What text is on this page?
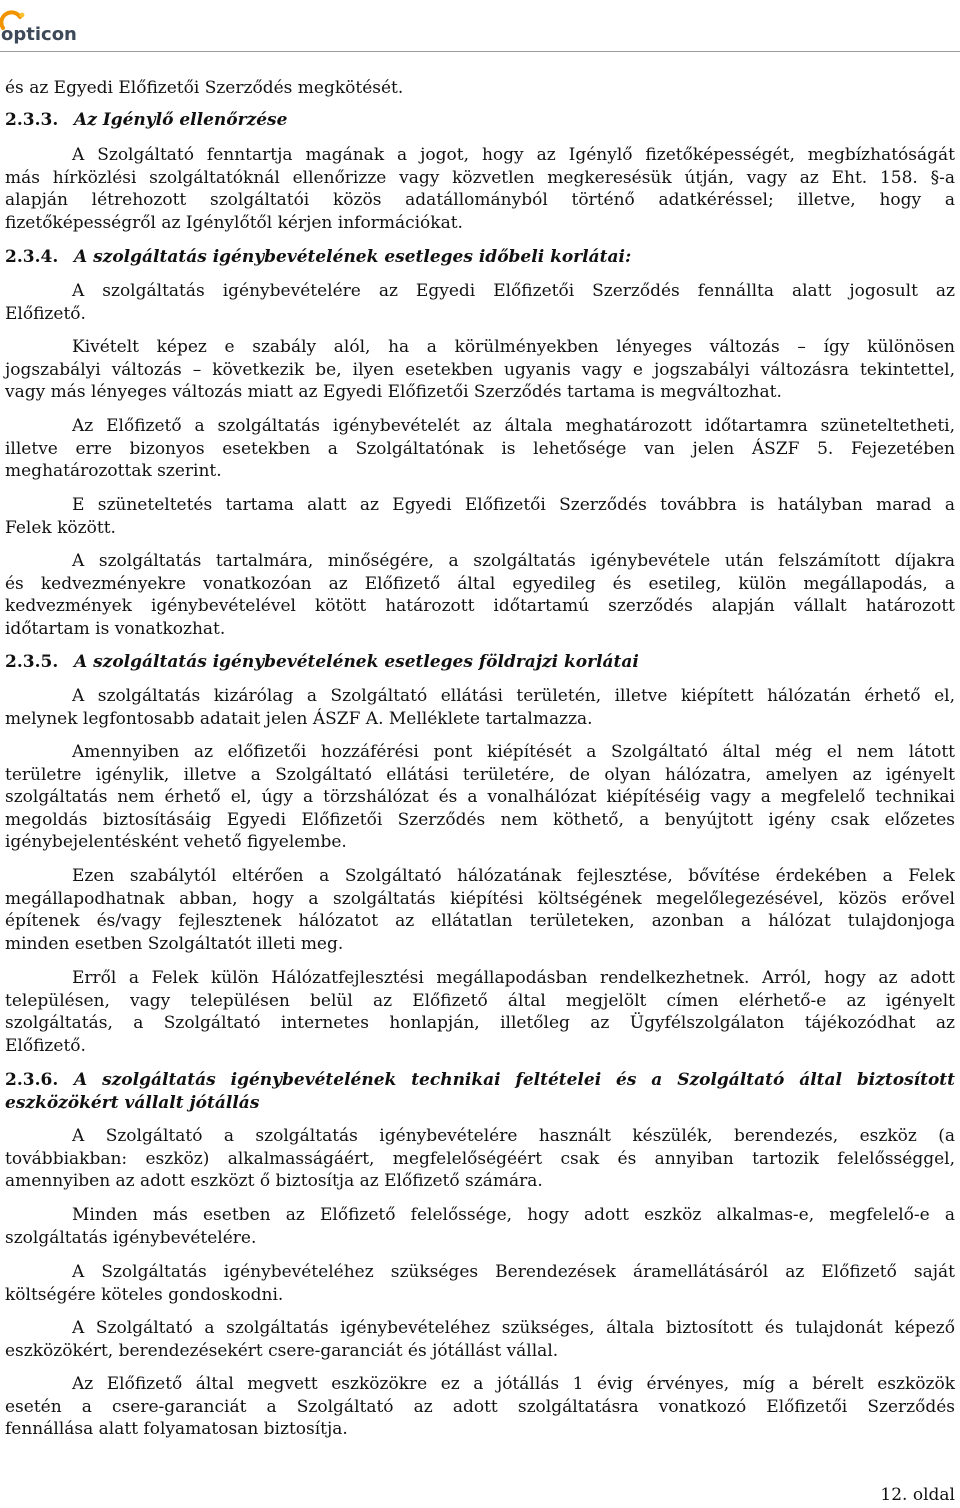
opticon
és az Egyedi Előfizetői Szerződés megkötését.
2.3.3. Az Igénylő ellenőrzése
A Szolgáltató fenntartja magának a jogot, hogy az Igénylő fizetőképességét, megbízhatóságát
más hírközlési szolgáltatóknál ellenőrizze vagy közvetlen megkeresésük útján, vagy az Eht. 158. §-a
alapján létrehozott szolgáltatói közös adatállományból történő adatkéréssel; illetve, hogy a
fizetőképességről az Igénylőtől kérjen információkat.
2.3.4. A szolgáltatás igénybevételének esetleges időbeli korlátai:
A szolgáltatás igénybevételére az Egyedi Előfizetői Szerződés fennállta alatt jogosult az
Előfizető.
Kivételt képez e szabály alól, ha a körülményekben lényeges változás – így különösen
jogszabályi változás – következik be, ilyen esetekben ugyanis vagy e jogszabályi változásra tekintettel,
vagy más lényeges változás miatt az Egyedi Előfizetői Szerződés tartama is megváltozhat.
Az Előfizető a szolgáltatás igénybevételét az általa meghatározott időtartamra szüneteltetheti,
illetve erre bizonyos esetekben a Szolgáltatónak is lehetősége van jelen ÁSZF 5. Fejezetében
meghatározottak szerint.
E szüneteltetés tartama alatt az Egyedi Előfizetői Szerződés továbbra is hatályban marad a
Felek között.
A szolgáltatás tartalmára, minőségére, a szolgáltatás igénybevétele után felszámított díjakra
és kedvezményekre vonatkozóan az Előfizető által egyedileg és esetileg, külön megállapodás, a
kedvezmények igénybevételével kötött határozott időtartamú szerződés alapján vállalt határozott
időtartam is vonatkozhat.
2.3.5. A szolgáltatás igénybevételének esetleges földrajzi korlátai
A szolgáltatás kizárólag a Szolgáltató ellátási területén, illetve kiépített hálózatán érhető el,
melynek legfontosabb adatait jelen ÁSZF A. Melléklete tartalmazza.
Amennyiben az előfizetői hozzáférési pont kiépítését a Szolgáltató által még el nem látott
területre igénylik, illetve a Szolgáltató ellátási területére, de olyan hálózatra, amelyen az igényelt
szolgáltatás nem érhető el, úgy a törzshálózat és a vonalhálózat kiépítéséig vagy a megfelelő technikai
megoldás biztosításáig Egyedi Előfizetői Szerződés nem köthető, a benyújtott igény csak előzetes
igénybejelentésként vehető figyelembe.
Ezen szabálytól eltérően a Szolgáltató hálózatának fejlesztése, bővítése érdekében a Felek
megállapodhatnak abban, hogy a szolgáltatás kiépítési költségének megelőlegezésével, közös erővel
építenek és/vagy fejlesztenek hálózatot az ellátatlan területeken, azonban a hálózat tulajdonjoga
minden esetben Szolgáltatót illeti meg.
Erről a Felek külön Hálózatfejlesztési megállapodásban rendelkezhetnek. Arról, hogy az adott
településen, vagy településen belül az Előfizető által megjelölt címen elérhető-e az igényelt
szolgáltatás, a Szolgáltató internetes honlapján, illetőleg az Ügyfélszolgálaton tájékozódhat az
Előfizető.
2.3.6. A szolgáltatás igénybevételének technikai feltételei és a Szolgáltató által biztosított
eszközökért vállalt jótállás
A Szolgáltató a szolgáltatás igénybevételére használt készülék, berendezés, eszköz (a
továbbiakban: eszköz) alkalmasságáért, megfelelőségéért csak és annyiban tartozik felelősséggel,
amennyiben az adott eszközt ő biztosítja az Előfizető számára.
Minden más esetben az Előfizető felelőssége, hogy adott eszköz alkalmas-e, megfelelő-e a
szolgáltatás igénybevételére.
A Szolgáltatás igénybevételéhez szükséges Berendezések áramellátásáról az Előfizető saját
költségére köteles gondoskodni.
A Szolgáltató a szolgáltatás igénybevételéhez szükséges, általa biztosított és tulajdonát képező
eszközökért, berendezésekért csere-garanciát és jótállást vállal.
Az Előfizető által megvett eszközökre ez a jótállás 1 évig érvényes, míg a bérelt eszközök
esetén a csere-garanciát a Szolgáltató az adott szolgáltatásra vonatkozó Előfizetői Szerződés
fennállása alatt folyamatosan biztosítja.
12. oldal
